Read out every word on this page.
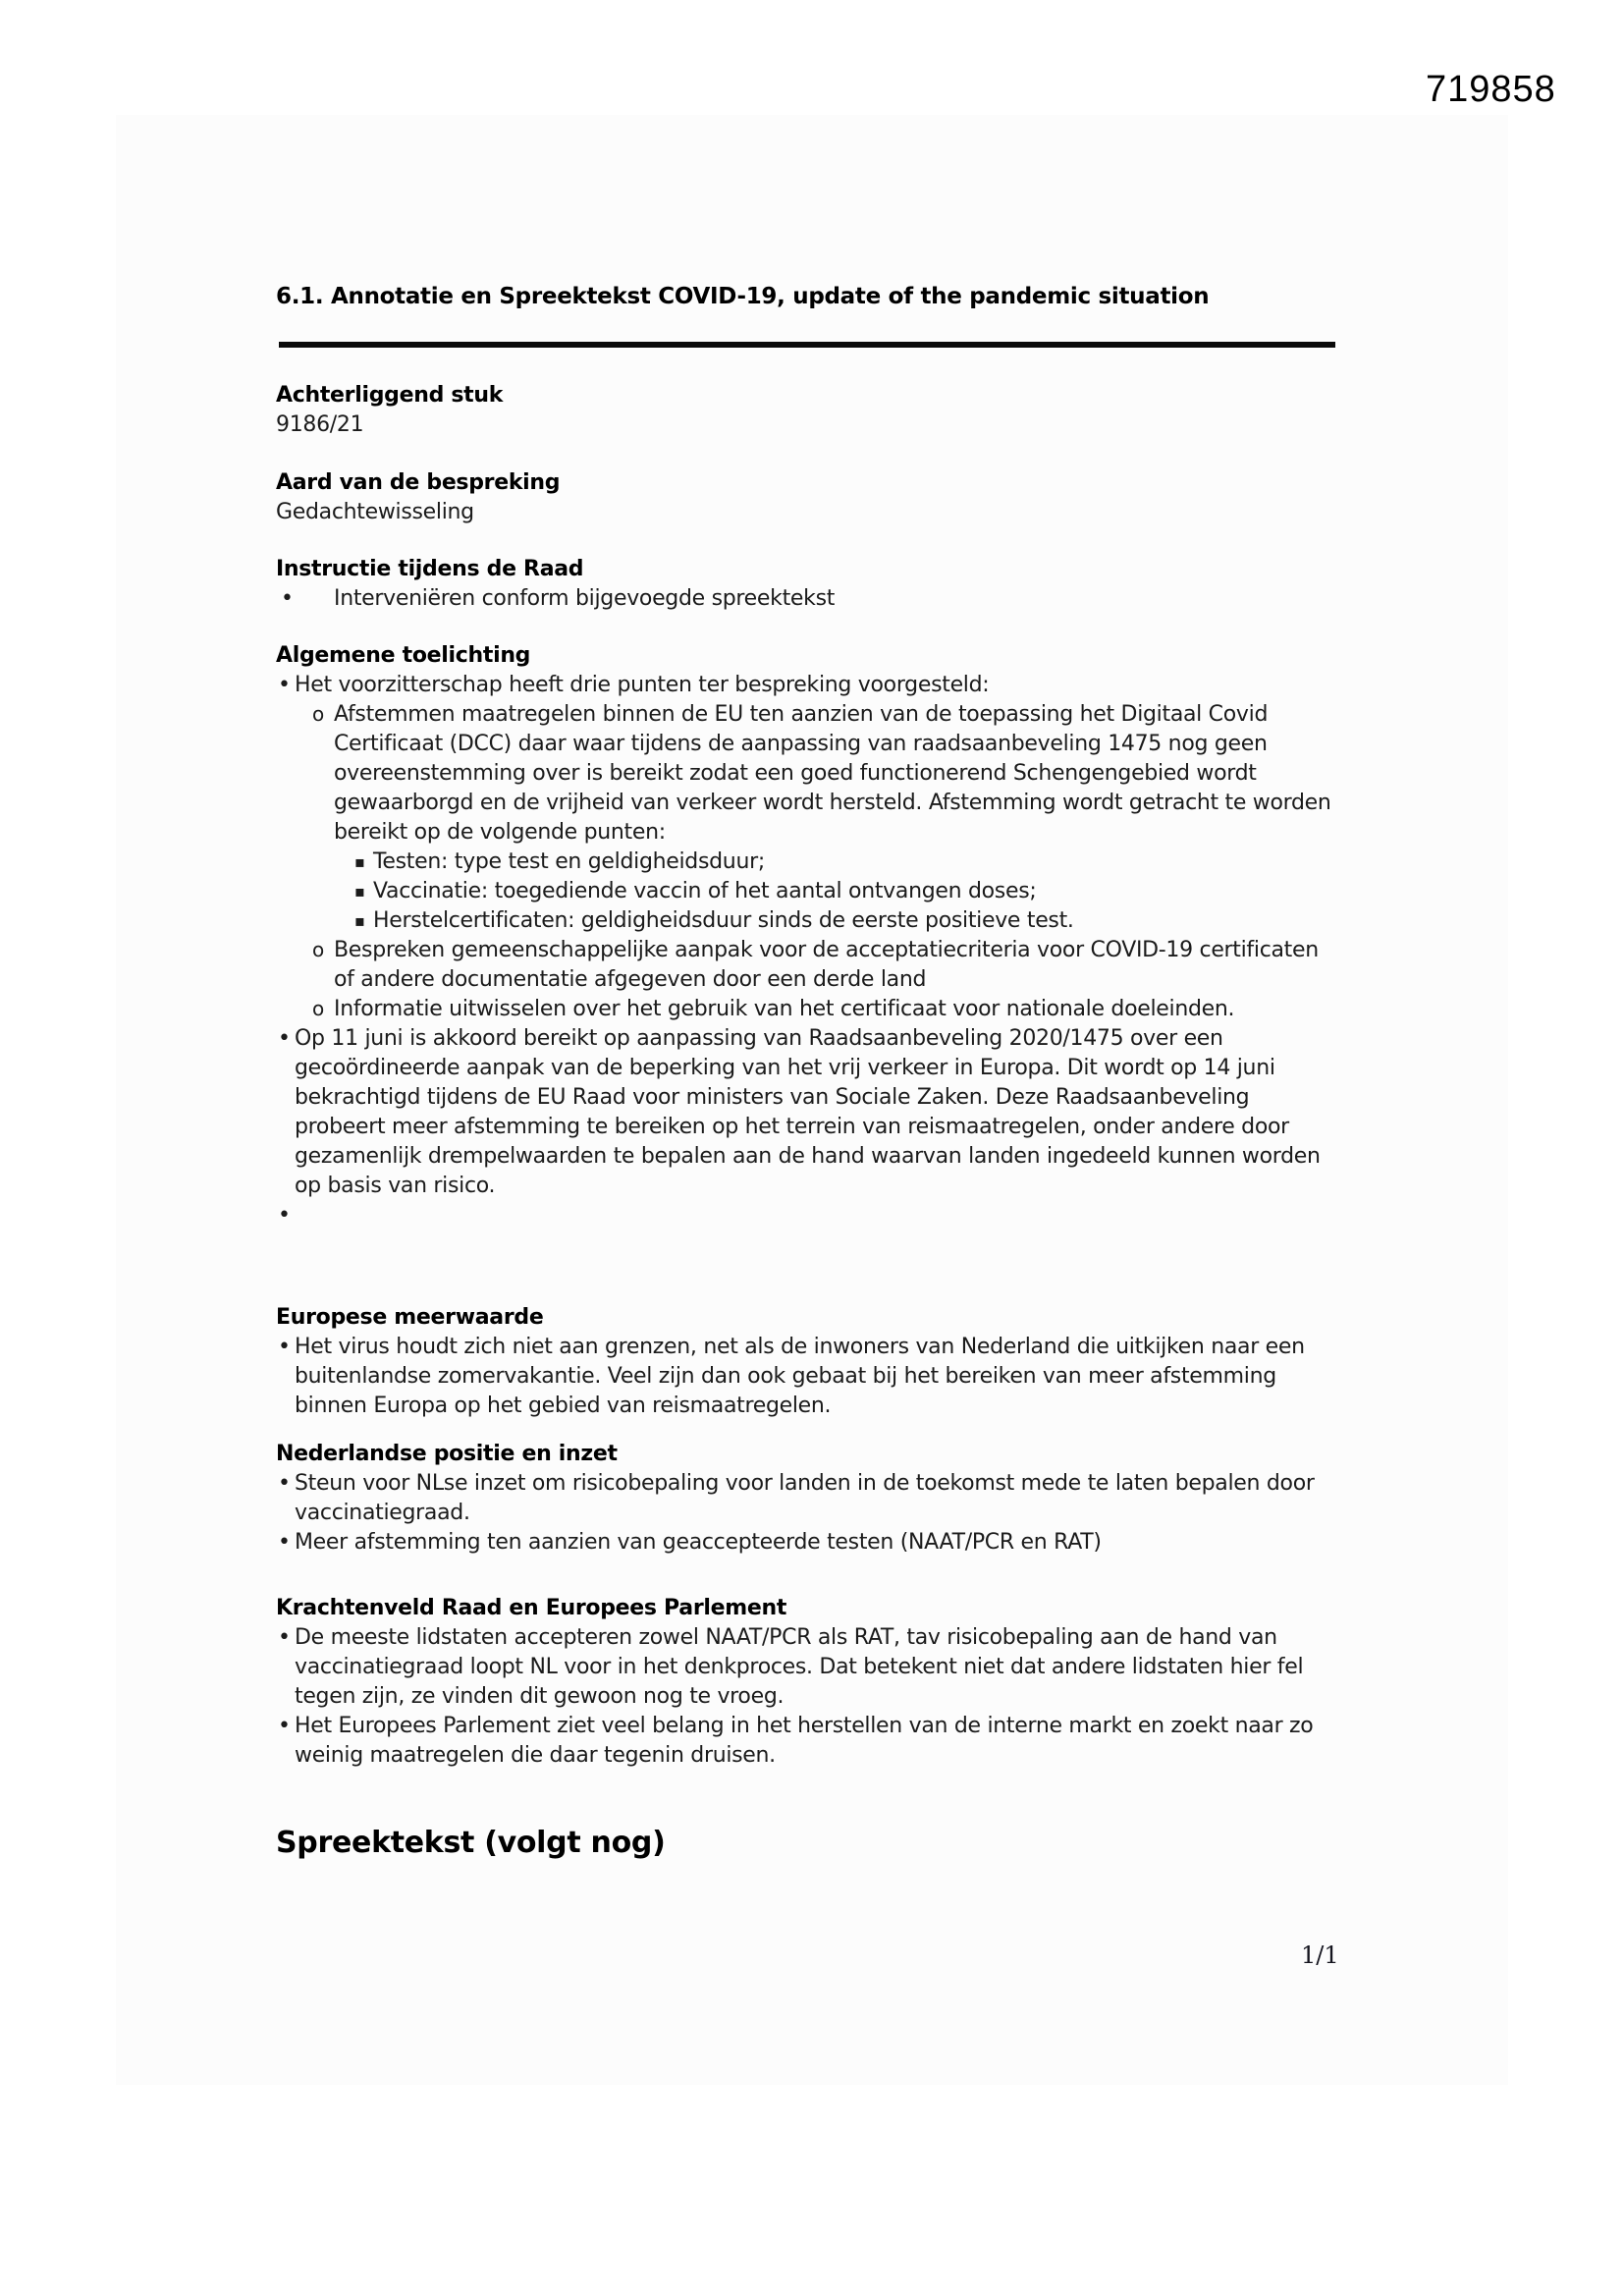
719858
6.1. Annotatie en Spreektekst COVID-19, update of the pandemic situation
Achterliggend stuk

9186/21

Aard van de bespreking

Gedachtewisseling

Instructie tijdens de Raad
• Interveniëren conform bijgevoegde spreektekst
Algemene toelichting
• Het voorzitterschap heeft drie punten ter bespreking voorgesteld:
o Afstemmen maatregelen binnen de EU ten aanzien van de toepassing het Digitaal Covid Certificaat (DCC) daar waar tijdens de aanpassing van raadsaanbeveling 1475 nog geen overeenstemming over is bereikt zodat een goed functionerend Schengengebied wordt gewaarborgd en de vrijheid van verkeer wordt hersteld. Afstemming wordt getracht te worden bereikt op de volgende punten:
▪ Testen: type test en geldigheidsduur;
▪ Vaccinatie: toegediende vaccin of het aantal ontvangen doses;
▪ Herstelcertificaten: geldigheidsduur sinds de eerste positieve test.
o Bespreken gemeenschappelijke aanpak voor de acceptatiecriteria voor COVID-19 certificaten of andere documentatie afgegeven door een derde land
o Informatie uitwisselen over het gebruik van het certificaat voor nationale doeleinden.
• Op 11 juni is akkoord bereikt op aanpassing van Raadsaanbeveling 2020/1475 over een gecoördineerde aanpak van de beperking van het vrij verkeer in Europa. Dit wordt op 14 juni bekrachtigd tijdens de EU Raad voor ministers van Sociale Zaken. Deze Raadsaanbeveling probeert meer afstemming te bereiken op het terrein van reismaatregelen, onder andere door gezamenlijk drempelwaarden te bepalen aan de hand waarvan landen ingedeeld kunnen worden op basis van risico.
Europese meerwaarde
• Het virus houdt zich niet aan grenzen, net als de inwoners van Nederland die uitkijken naar een buitenlandse zomervakantie. Veel zijn dan ook gebaat bij het bereiken van meer afstemming binnen Europa op het gebied van reismaatregelen.
Nederlandse positie en inzet
• Steun voor NLse inzet om risicobepaling voor landen in de toekomst mede te laten bepalen door vaccinatiegraad.
• Meer afstemming ten aanzien van geaccepteerde testen (NAAT/PCR en RAT)
Krachtenveld Raad en Europees Parlement
• De meeste lidstaten accepteren zowel NAAT/PCR als RAT, tav risicobepaling aan de hand van vaccinatiegraad loopt NL voor in het denkproces. Dat betekent niet dat andere lidstaten hier fel tegen zijn, ze vinden dit gewoon nog te vroeg.
• Het Europees Parlement ziet veel belang in het herstellen van de interne markt en zoekt naar zo weinig maatregelen die daar tegenin druisen.
Spreektekst (volgt nog)
1/1
